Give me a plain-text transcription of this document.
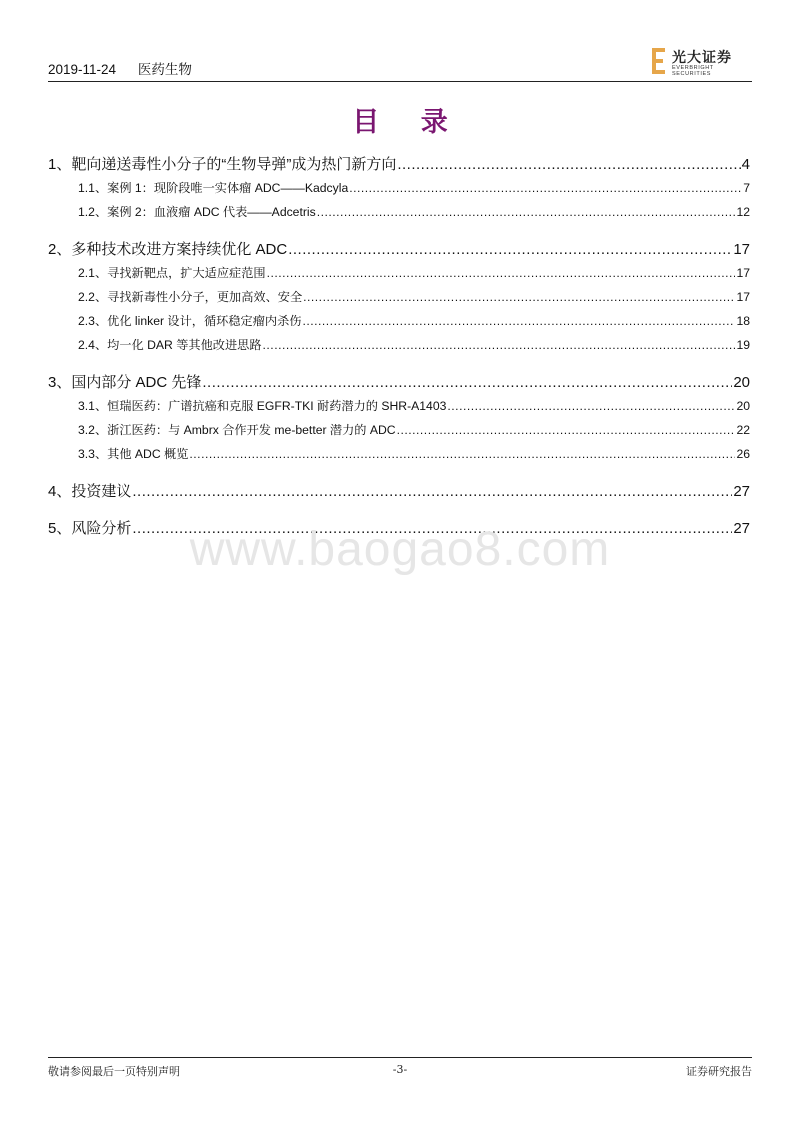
2019-11-24 医药生物
光大证券
EVERBRIGHT SECURITIES
目 录
1、 靶向递送毒性小分子的“生物导弹”成为热门新方向 .....	4
1.1、 案例 1：现阶段唯一实体瘤 ADC——Kadcyla .....	7
1.2、 案例 2：血液瘤 ADC 代表——Adcetris .....	12
2、 多种技术改进方案持续优化 ADC .....	17
2.1、 寻找新靶点，扩大适应症范围 .....	17
2.2、 寻找新毒性小分子，更加高效、安全 .....	17
2.3、 优化 linker 设计，循环稳定瘤内杀伤 .....	18
2.4、 均一化 DAR 等其他改进思路 .....	19
3、 国内部分 ADC 先锋 .....	20
3.1、 恒瑞医药：广谱抗癌和克服 EGFR-TKI 耐药潜力的 SHR-A1403 .....	20
3.2、 浙江医药：与 Ambrx 合作开发 me-better 潜力的 ADC .....	22
3.3、 其他 ADC 概览 .....	26
4、 投资建议 .....	27
5、 风险分析 .....	27
www.baogao8.com
敬请参阅最后一页特别声明	-3-	证券研究报告
